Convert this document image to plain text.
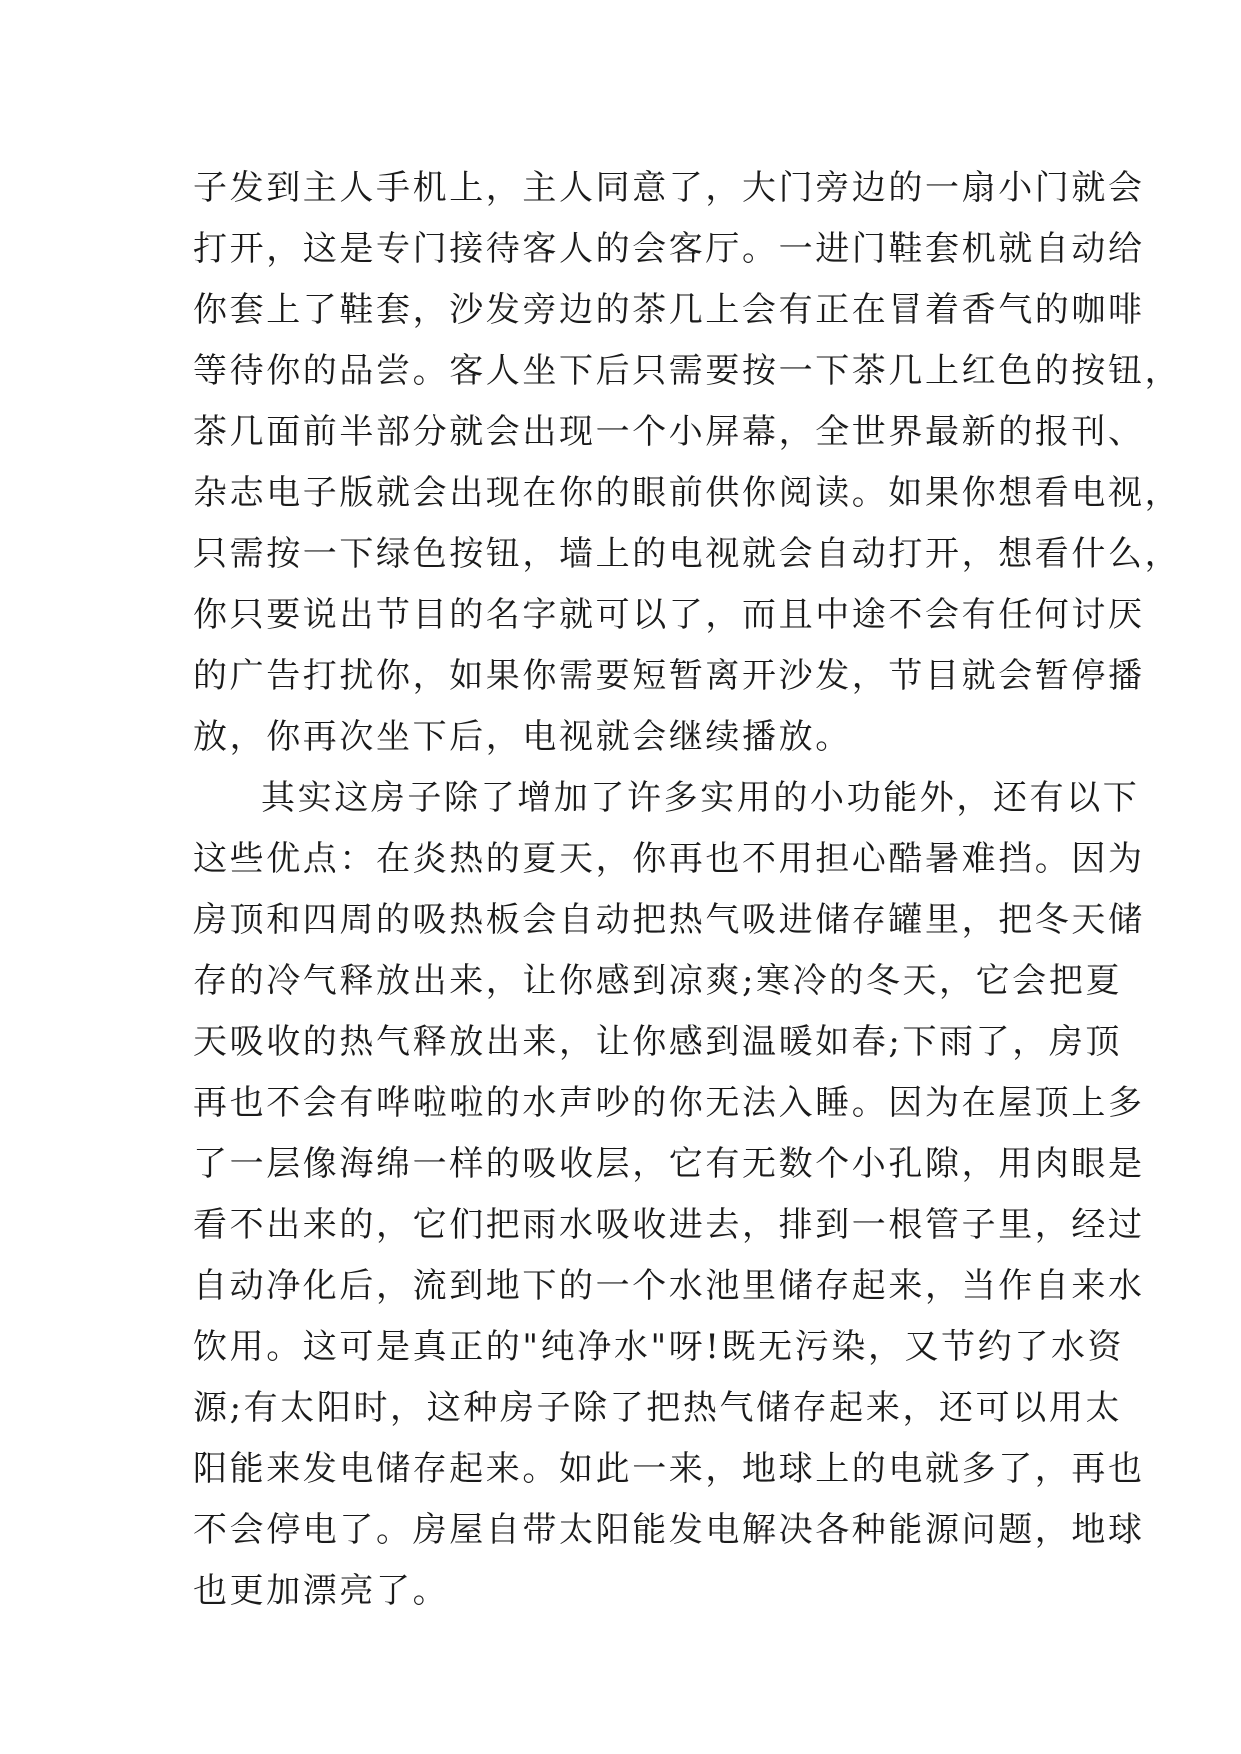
子发到主人手机上，主人同意了，大门旁边的一扇小门就会
打开，这是专门接待客人的会客厅。一进门鞋套机就自动给
你套上了鞋套，沙发旁边的茶几上会有正在冒着香气的咖啡
等待你的品尝。客人坐下后只需要按一下茶几上红色的按钮，
茶几面前半部分就会出现一个小屏幕，全世界最新的报刊、
杂志电子版就会出现在你的眼前供你阅读。如果你想看电视，
只需按一下绿色按钮，墙上的电视就会自动打开，想看什么，
你只要说出节目的名字就可以了，而且中途不会有任何讨厌
的广告打扰你，如果你需要短暂离开沙发，节目就会暂停播
放，你再次坐下后，电视就会继续播放。
其实这房子除了增加了许多实用的小功能外，还有以下
这些优点：在炎热的夏天，你再也不用担心酷暑难挡。因为
房顶和四周的吸热板会自动把热气吸进储存罐里，把冬天储
存的冷气释放出来，让你感到凉爽;寒冷的冬天，它会把夏
天吸收的热气释放出来，让你感到温暖如春;下雨了，房顶
再也不会有哗啦啦的水声吵的你无法入睡。因为在屋顶上多
了一层像海绵一样的吸收层，它有无数个小孔隙，用肉眼是
看不出来的，它们把雨水吸收进去，排到一根管子里，经过
自动净化后，流到地下的一个水池里储存起来，当作自来水
饮用。这可是真正的"纯净水"呀!既无污染，又节约了水资
源;有太阳时，这种房子除了把热气储存起来，还可以用太
阳能来发电储存起来。如此一来，地球上的电就多了，再也
不会停电了。房屋自带太阳能发电解决各种能源问题，地球
也更加漂亮了。
